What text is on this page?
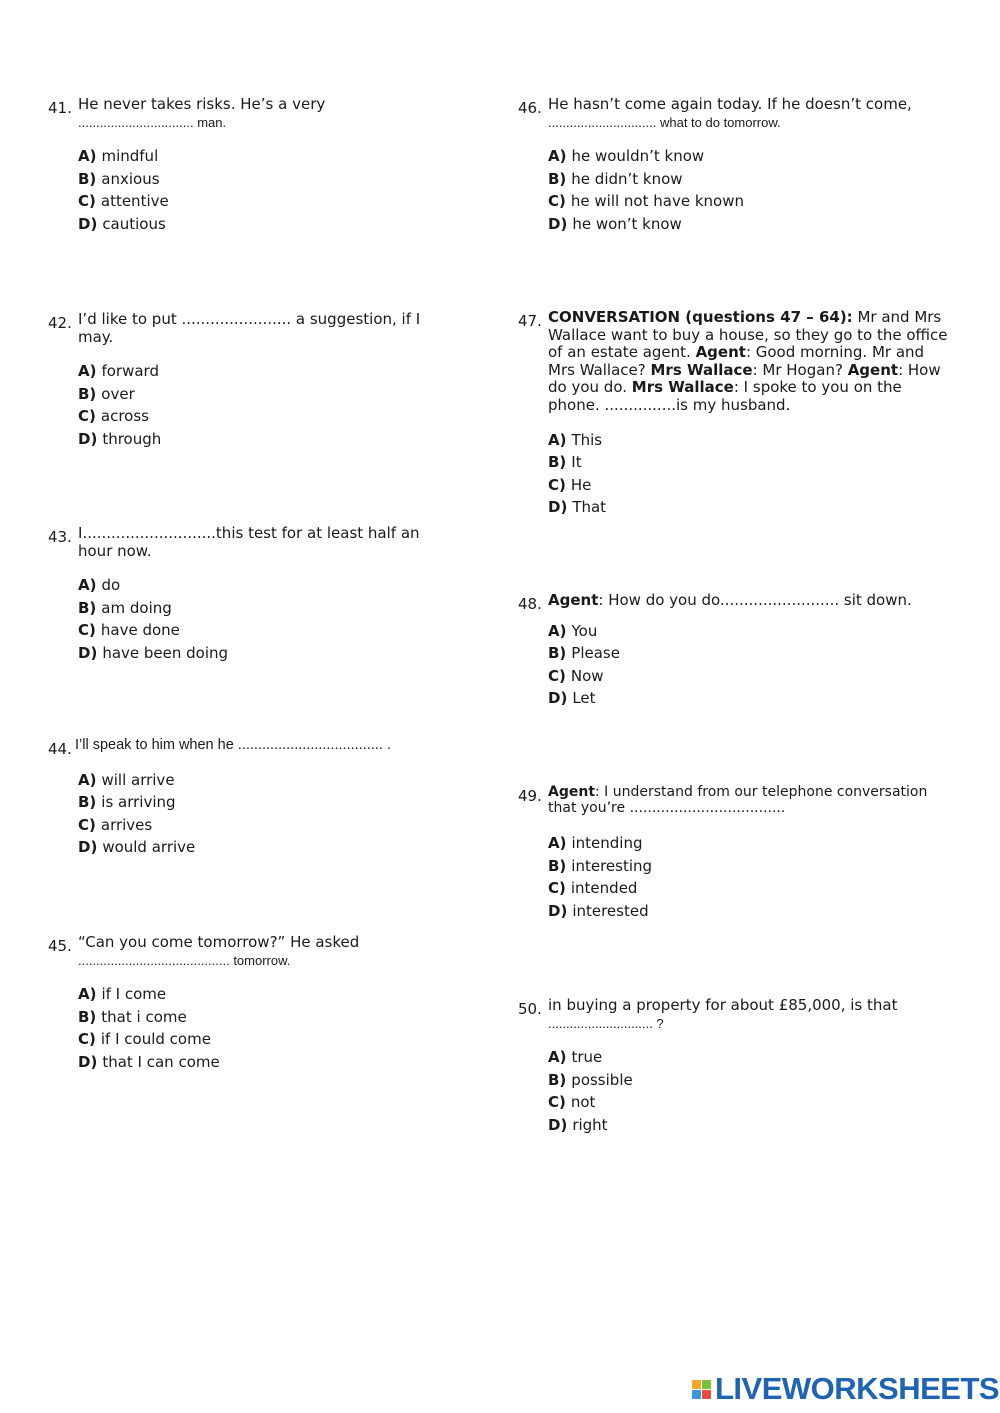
41. He never takes risks. He’s a very
................................ man.
A) mindful
B) anxious
C) attentive
D) cautious
42. I’d like to put ....................... a suggestion, if I
may.
A) forward
B) over
C) across
D) through
43. I............................this test for at least half an
hour now.
A) do
B) am doing
C) have done
D) have been doing
44. I’ll speak to him when he .................................... .
A) will arrive
B) is arriving
C) arrives
D) would arrive
45. “Can you come tomorrow?” He asked
.......................................... tomorrow.
A) if I come
B) that i come
C) if I could come
D) that I can come
46. He hasn’t come again today. If he doesn’t come,
.............................. what to do tomorrow.
A) he wouldn’t know
B) he didn’t know
C) he will not have known
D) he won’t know
47. CONVERSATION (questions 47 – 64): Mr and Mrs Wallace want to buy a house, so they go to the office of an estate agent. Agent: Good morning. Mr and Mrs Wallace? Mrs Wallace: Mr Hogan? Agent: How do you do. Mrs Wallace: I spoke to you on the phone. ...............is my husband.
A) This
B) It
C) He
D) That
48. Agent: How do you do......................... sit down.
A) You
B) Please
C) Now
D) Let
49. Agent: I understand from our telephone conversation
that you’re ...................................
A) intending
B) interesting
C) intended
D) interested
50. in buying a property for about £85,000, is that
............................. ?
A) true
B) possible
C) not
D) right
LIVEWORKSHEETS
